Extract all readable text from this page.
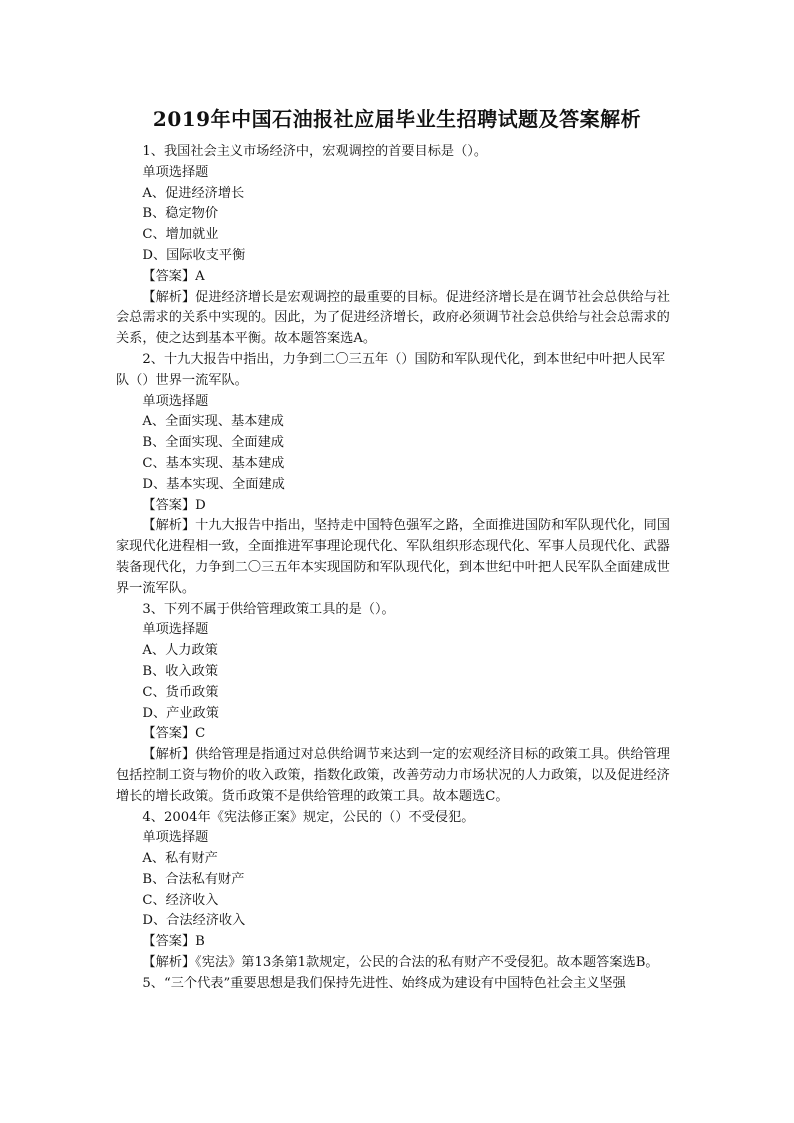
2019年中国石油报社应届毕业生招聘试题及答案解析

1、我国社会主义市场经济中，宏观调控的首要目标是（）。

单项选择题

A、促进经济增长

B、稳定物价

C、增加就业

D、国际收支平衡

【答案】A

【解析】促进经济增长是宏观调控的最重要的目标。促进经济增长是在调节社会总供给与社会总需求的关系中实现的。因此，为了促进经济增长，政府必须调节社会总供给与社会总需求的关系，使之达到基本平衡。故本题答案选A。

2、十九大报告中指出，力争到二〇三五年（）国防和军队现代化，到本世纪中叶把人民军队（）世界一流军队。

单项选择题

A、全面实现、基本建成

B、全面实现、全面建成

C、基本实现、基本建成

D、基本实现、全面建成

【答案】D

【解析】十九大报告中指出，坚持走中国特色强军之路，全面推进国防和军队现代化，同国家现代化进程相一致，全面推进军事理论现代化、军队组织形态现代化、军事人员现代化、武器装备现代化，力争到二〇三五年本实现国防和军队现代化，到本世纪中叶把人民军队全面建成世界一流军队。

3、下列不属于供给管理政策工具的是（）。

单项选择题

A、人力政策

B、收入政策

C、货币政策

D、产业政策

【答案】C

【解析】供给管理是指通过对总供给调节来达到一定的宏观经济目标的政策工具。供给管理包括控制工资与物价的收入政策，指数化政策，改善劳动力市场状况的人力政策，以及促进经济增长的增长政策。货币政策不是供给管理的政策工具。故本题选C。

4、2004年《宪法修正案》规定，公民的（）不受侵犯。

单项选择题

A、私有财产

B、合法私有财产

C、经济收入

D、合法经济收入

【答案】B

【解析】《宪法》第13条第1款规定，公民的合法的私有财产不受侵犯。故本题答案选B。

5、“三个代表”重要思想是我们保持先进性、始终成为建设有中国特色社会主义坚强
